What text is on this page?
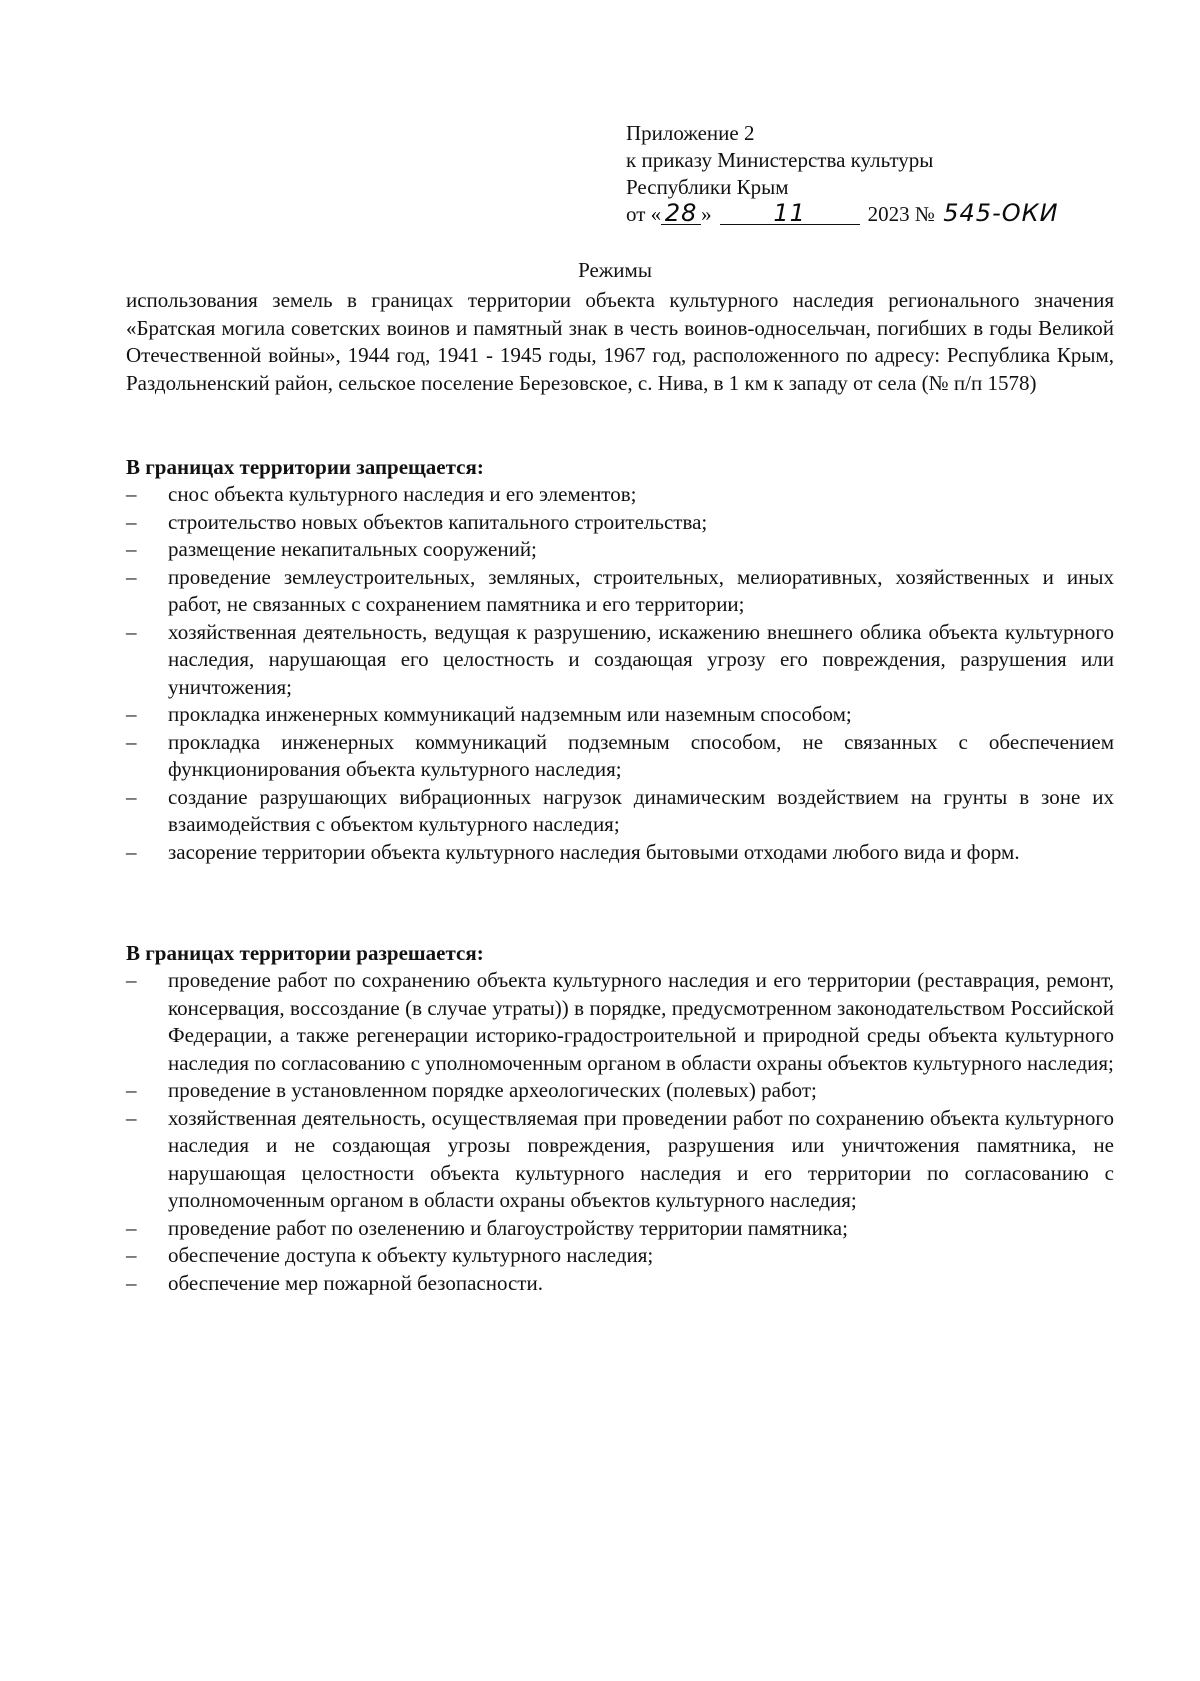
Приложение 2
к приказу Министерства культуры
Республики Крым
от « 28 »	11	2023 № 545-ОКИ
Режимы

использования земель в границах территории объекта культурного наследия регионального значения «Братская могила советских воинов и памятный знак в честь воинов-односельчан, погибших в годы Великой Отечественной войны», 1944 год, 1941 - 1945 годы, 1967 год, расположенного по адресу: Республика Крым, Раздольненский район, сельское поселение Березовское, с. Нива, в 1 км к западу от села (№ п/п 1578)

В границах территории запрещается:
–	снос объекта культурного наследия и его элементов;
–	строительство новых объектов капитального строительства;
–	размещение некапитальных сооружений;
–	проведение землеустроительных, земляных, строительных, мелиоративных, хозяйственных и иных работ, не связанных с сохранением памятника и его территории;
–	хозяйственная деятельность, ведущая к разрушению, искажению внешнего облика объекта культурного наследия, нарушающая его целостность и создающая угрозу его повреждения, разрушения или уничтожения;
–	прокладка инженерных коммуникаций надземным или наземным способом;
–	прокладка инженерных коммуникаций подземным способом, не связанных с обеспечением функционирования объекта культурного наследия;
–	создание разрушающих вибрационных нагрузок динамическим воздействием на грунты в зоне их взаимодействия с объектом культурного наследия;
–	засорение территории объекта культурного наследия бытовыми отходами любого вида и форм.
В границах территории разрешается:
–	проведение работ по сохранению объекта культурного наследия и его территории (реставрация, ремонт, консервация, воссоздание (в случае утраты)) в порядке, предусмотренном законодательством Российской Федерации, а также регенерации историко-градостроительной и природной среды объекта культурного наследия по согласованию с уполномоченным органом в области охраны объектов культурного наследия;
–	проведение в установленном порядке археологических (полевых) работ;
–	хозяйственная деятельность, осуществляемая при проведении работ по сохранению объекта культурного наследия и не создающая угрозы повреждения, разрушения или уничтожения памятника, не нарушающая целостности объекта культурного наследия и его территории по согласованию с уполномоченным органом в области охраны объектов культурного наследия;
–	проведение работ по озеленению и благоустройству территории памятника;
–	обеспечение доступа к объекту культурного наследия;
–	обеспечение мер пожарной безопасности.
